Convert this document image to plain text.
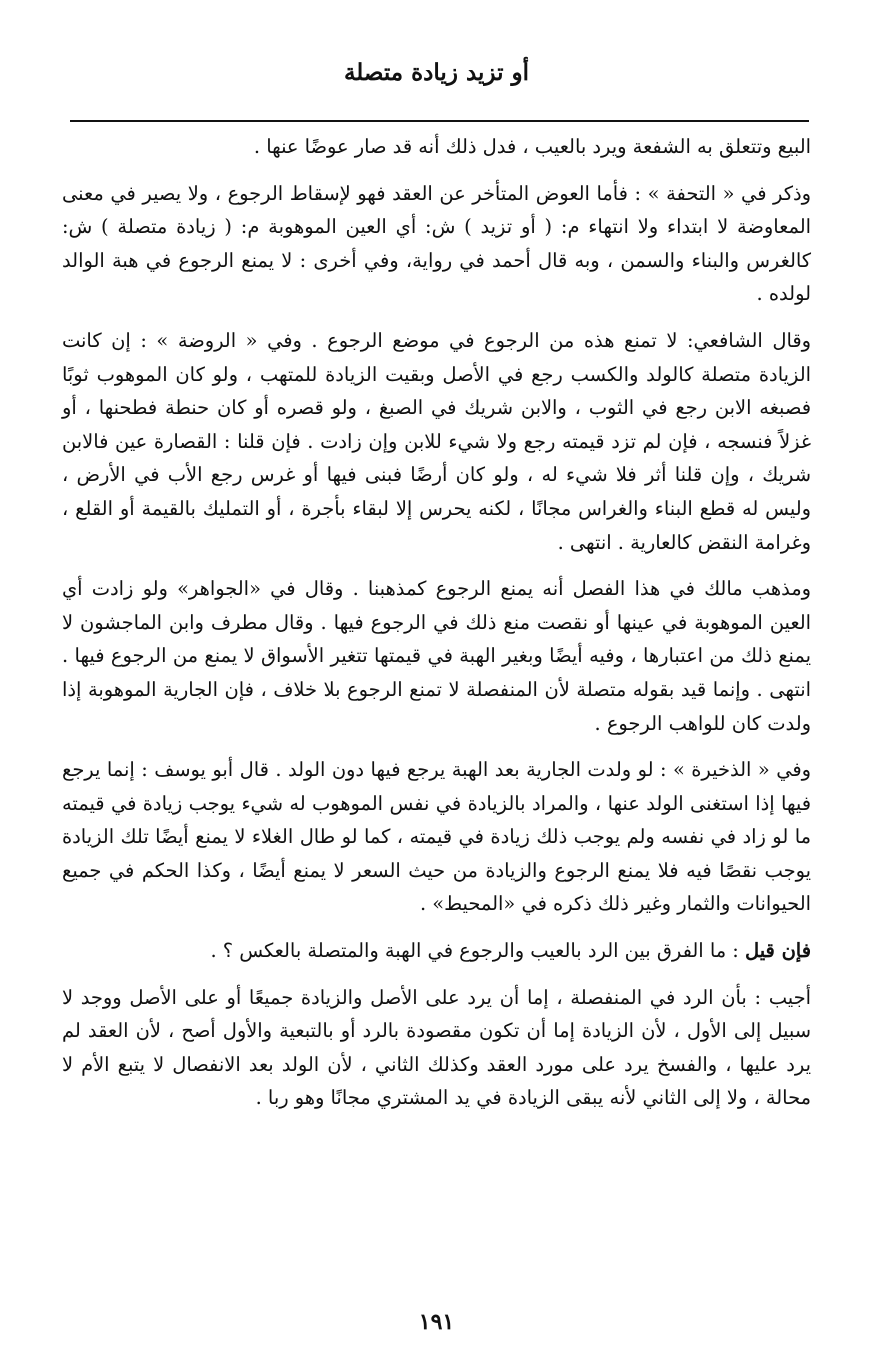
أو تزيد زيادة متصلة

البيع وتتعلق به الشفعة ويرد بالعيب ، فدل ذلك أنه قد صار عوضًا عنها .

وذكر في « التحفة » : فأما العوض المتأخر عن العقد فهو لإسقاط الرجوع ، ولا يصير في معنى المعاوضة لا ابتداء ولا انتهاء م: ( أو تزيد ) ش: أي العين الموهوبة م: ( زيادة متصلة ) ش: كالغرس والبناء والسمن ، وبه قال أحمد في رواية، وفي أخرى : لا يمنع الرجوع في هبة الوالد لولده .

وقال الشافعي: لا تمنع هذه من الرجوع في موضع الرجوع . وفي « الروضة » : إن كانت الزيادة متصلة كالولد والكسب رجع في الأصل وبقيت الزيادة للمتهب ، ولو كان الموهوب ثوبًا فصبغه الابن رجع في الثوب ، والابن شريك في الصبغ ، ولو قصره أو كان حنطة فطحنها ، أو غزلاً فنسجه ، فإن لم تزد قيمته رجع ولا شيء للابن وإن زادت . فإن قلنا : القصارة عين فالابن شريك ، وإن قلنا أثر فلا شيء له ، ولو كان أرضًا فبنى فيها أو غرس رجع الأب في الأرض ، وليس له قطع البناء والغراس مجانًا ، لكنه يحرس إلا لبقاء بأجرة ، أو التمليك بالقيمة أو القلع ، وغرامة النقض كالعارية . انتهى .

ومذهب مالك في هذا الفصل أنه يمنع الرجوع كمذهبنا . وقال في «الجواهر» ولو زادت أي العين الموهوبة في عينها أو نقصت منع ذلك في الرجوع فيها . وقال مطرف وابن الماجشون لا يمنع ذلك من اعتبارها ، وفيه أيضًا وبغير الهبة في قيمتها تتغير الأسواق لا يمنع من الرجوع فيها . انتهى . وإنما قيد بقوله متصلة لأن المنفصلة لا تمنع الرجوع بلا خلاف ، فإن الجارية الموهوبة إذا ولدت كان للواهب الرجوع .

وفي « الذخيرة » : لو ولدت الجارية بعد الهبة يرجع فيها دون الولد . قال أبو يوسف : إنما يرجع فيها إذا استغنى الولد عنها ، والمراد بالزيادة في نفس الموهوب له شيء يوجب زيادة في قيمته ما لو زاد في نفسه ولم يوجب ذلك زيادة في قيمته ، كما لو طال الغلاء لا يمنع أيضًا تلك الزيادة يوجب نقصًا فيه فلا يمنع الرجوع والزيادة من حيث السعر لا يمنع أيضًا ، وكذا الحكم في جميع الحيوانات والثمار وغير ذلك ذكره في «المحيط» .

فإن قيل : ما الفرق بين الرد بالعيب والرجوع في الهبة والمتصلة بالعكس ؟ .

أجيب : بأن الرد في المنفصلة ، إما أن يرد على الأصل والزيادة جميعًا أو على الأصل ووجد لا سبيل إلى الأول ، لأن الزيادة إما أن تكون مقصودة بالرد أو بالتبعية والأول أصح ، لأن العقد لم يرد عليها ، والفسخ يرد على مورد العقد وكذلك الثاني ، لأن الولد بعد الانفصال لا يتبع الأم لا محالة ، ولا إلى الثاني لأنه يبقى الزيادة في يد المشتري مجانًا وهو ربا .

١٩١
